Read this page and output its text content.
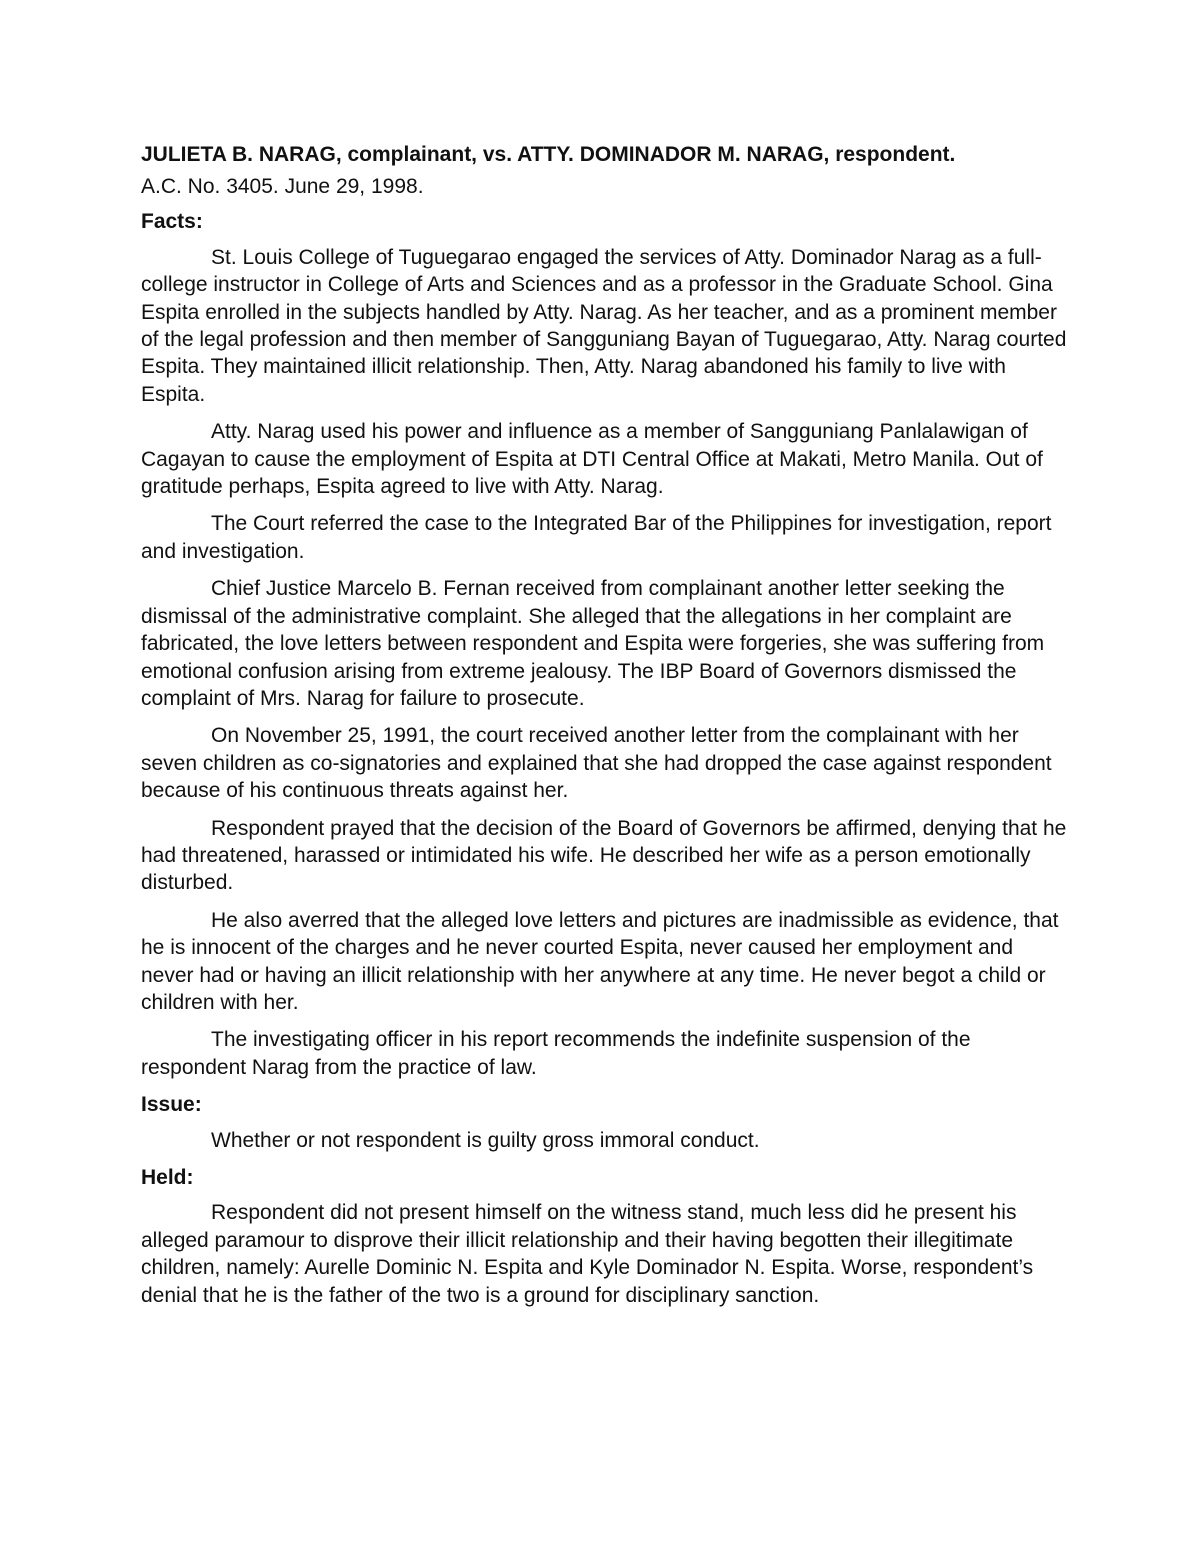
JULIETA B. NARAG, complainant, vs. ATTY. DOMINADOR M. NARAG, respondent.
A.C. No. 3405. June 29, 1998.
Facts:

St. Louis College of Tuguegarao engaged the services of Atty. Dominador Narag as a full-college instructor in College of Arts and Sciences and as a professor in the Graduate School. Gina Espita enrolled in the subjects handled by Atty. Narag. As her teacher, and as a prominent member of the legal profession and then member of Sangguniang Bayan of Tuguegarao, Atty. Narag courted Espita. They maintained illicit relationship. Then, Atty. Narag abandoned his family to live with Espita.

Atty. Narag used his power and influence as a member of Sangguniang Panlalawigan of Cagayan to cause the employment of Espita at DTI Central Office at Makati, Metro Manila. Out of gratitude perhaps, Espita agreed to live with Atty. Narag.

The Court referred the case to the Integrated Bar of the Philippines for investigation, report and investigation.

Chief Justice Marcelo B. Fernan received from complainant another letter seeking the dismissal of the administrative complaint. She alleged that the allegations in her complaint are fabricated, the love letters between respondent and Espita were forgeries, she was suffering from emotional confusion arising from extreme jealousy. The IBP Board of Governors dismissed the complaint of Mrs. Narag for failure to prosecute.

On November 25, 1991, the court received another letter from the complainant with her seven children as co-signatories and explained that she had dropped the case against respondent because of his continuous threats against her.

Respondent prayed that the decision of the Board of Governors be affirmed, denying that he had threatened, harassed or intimidated his wife. He described her wife as a person emotionally disturbed.

He also averred that the alleged love letters and pictures are inadmissible as evidence, that he is innocent of the charges and he never courted Espita, never caused her employment and never had or having an illicit relationship with her anywhere at any time. He never begot a child or children with her.

The investigating officer in his report recommends the indefinite suspension of the respondent Narag from the practice of law.

Issue:

Whether or not respondent is guilty gross immoral conduct.

Held:

Respondent did not present himself on the witness stand, much less did he present his alleged paramour to disprove their illicit relationship and their having begotten their illegitimate children, namely: Aurelle Dominic N. Espita and Kyle Dominador N. Espita. Worse, respondent’s denial that he is the father of the two is a ground for disciplinary sanction.
